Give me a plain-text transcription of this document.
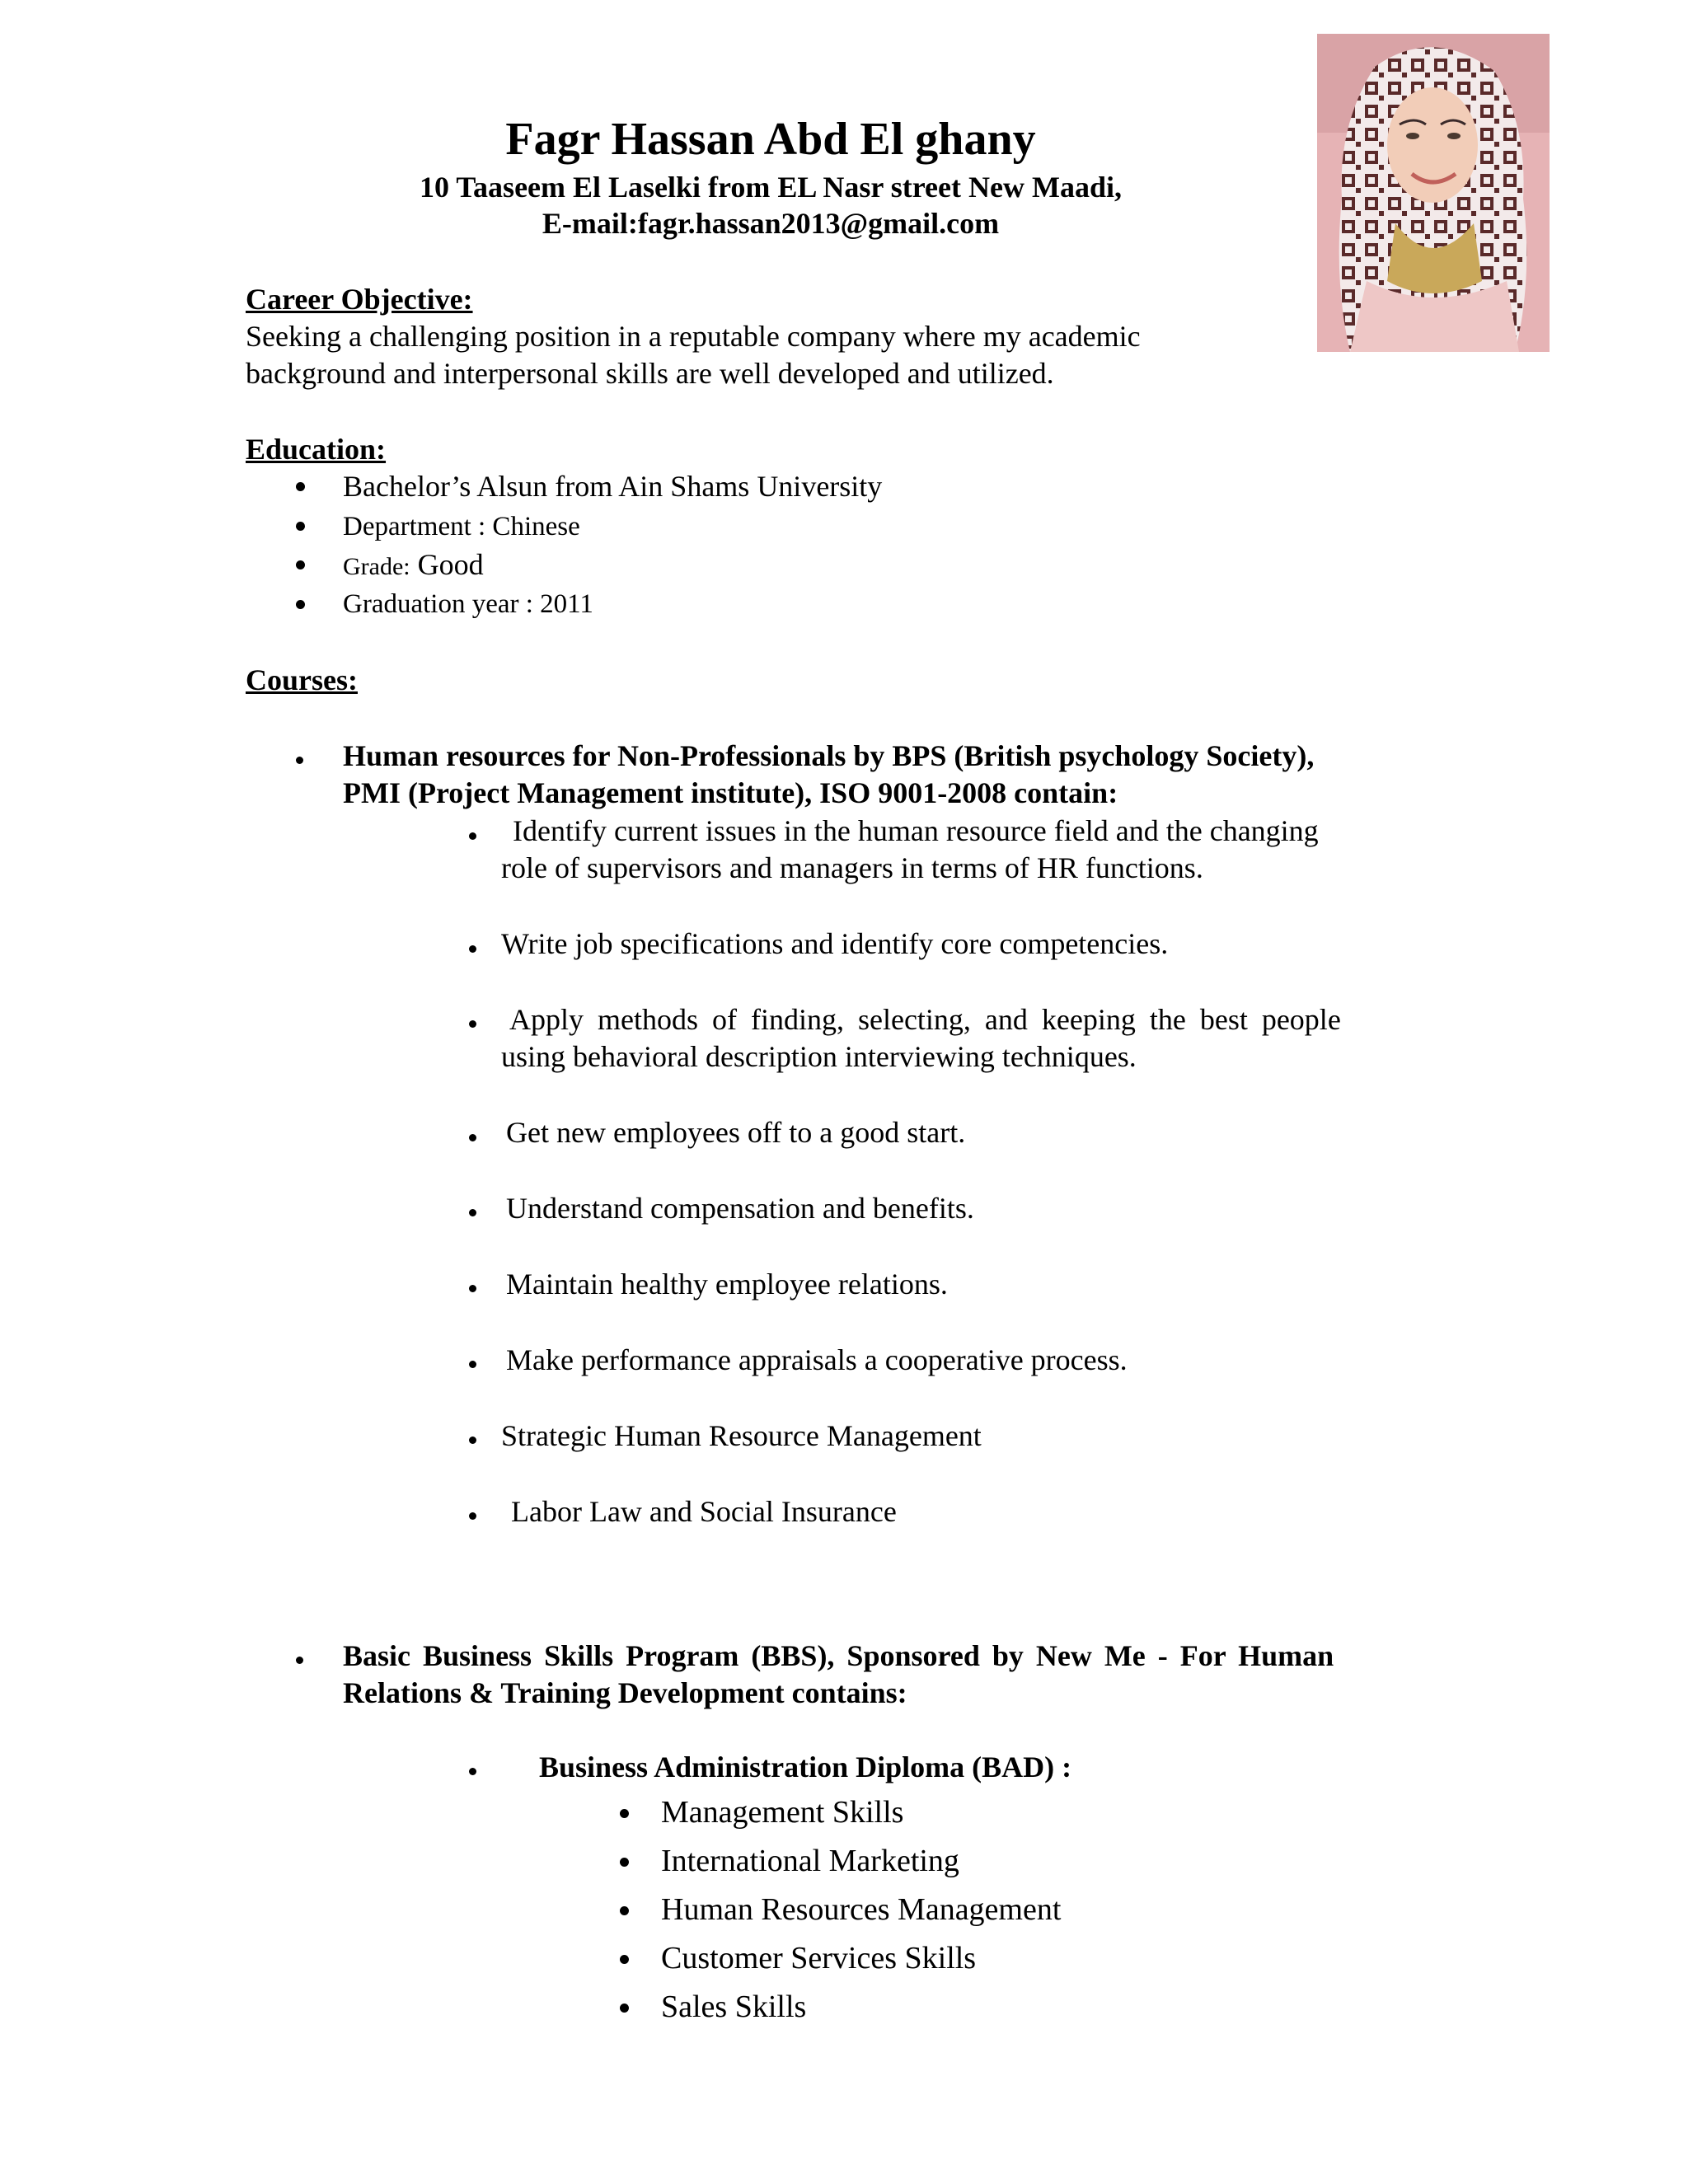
Fagr Hassan Abd El ghany
10 Taaseem El Laselki from EL Nasr street New Maadi,
E-mail:fagr.hassan2013@gmail.com
Career Objective:
Seeking a challenging position in a reputable company where my academic
background and interpersonal skills are well developed and utilized.
Education:
Bachelor’s Alsun from Ain Shams University
Department : Chinese
Grade: Good
Graduation year : 2011
Courses:
Human resources for Non-Professionals by BPS (British psychology Society),
PMI (Project Management institute), ISO 9001-2008 contain:
Identify current issues in the human resource field and the changing
role of supervisors and managers in terms of HR functions.
Write job specifications and identify core competencies.
Apply methods of finding, selecting, and keeping the best people
using behavioral description interviewing techniques.
Get new employees off to a good start.
Understand compensation and benefits.
Maintain healthy employee relations.
Make performance appraisals a cooperative process.
Strategic Human Resource Management
Labor Law and Social Insurance
Basic Business Skills Program (BBS), Sponsored by New Me - For Human
Relations & Training Development contains:
Business Administration Diploma (BAD) :
Management Skills
International Marketing
Human Resources Management
Customer Services Skills
Sales Skills
